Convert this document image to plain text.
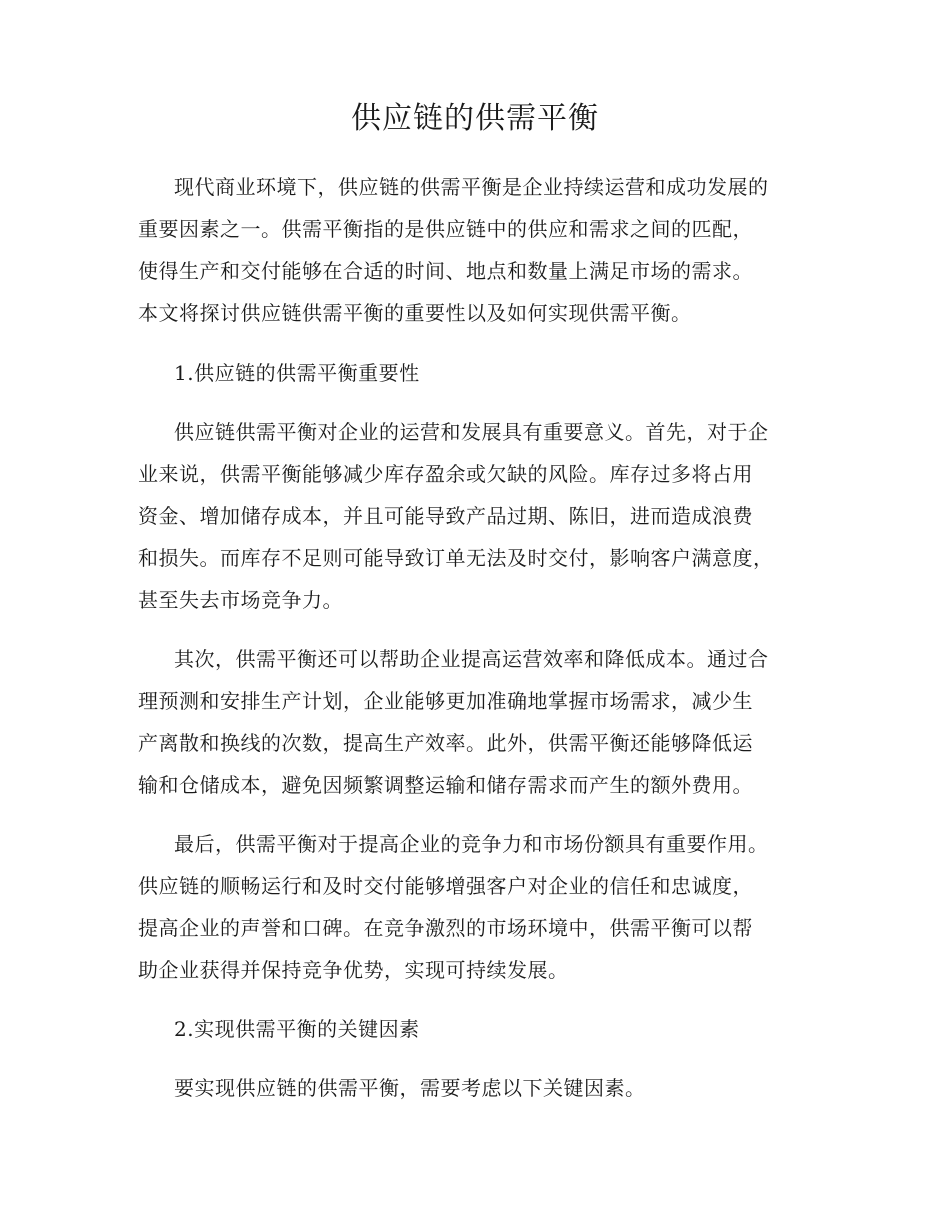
供应链的供需平衡
现代商业环境下，供应链的供需平衡是企业持续运营和成功发展的
重要因素之一。供需平衡指的是供应链中的供应和需求之间的匹配，
使得生产和交付能够在合适的时间、地点和数量上满足市场的需求。
本文将探讨供应链供需平衡的重要性以及如何实现供需平衡。
1.供应链的供需平衡重要性
供应链供需平衡对企业的运营和发展具有重要意义。首先，对于企
业来说，供需平衡能够减少库存盈余或欠缺的风险。库存过多将占用
资金、增加储存成本，并且可能导致产品过期、陈旧，进而造成浪费
和损失。而库存不足则可能导致订单无法及时交付，影响客户满意度，
甚至失去市场竞争力。
其次，供需平衡还可以帮助企业提高运营效率和降低成本。通过合
理预测和安排生产计划，企业能够更加准确地掌握市场需求，减少生
产离散和换线的次数，提高生产效率。此外，供需平衡还能够降低运
输和仓储成本，避免因频繁调整运输和储存需求而产生的额外费用。
最后，供需平衡对于提高企业的竞争力和市场份额具有重要作用。
供应链的顺畅运行和及时交付能够增强客户对企业的信任和忠诚度，
提高企业的声誉和口碑。在竞争激烈的市场环境中，供需平衡可以帮
助企业获得并保持竞争优势，实现可持续发展。
2.实现供需平衡的关键因素
要实现供应链的供需平衡，需要考虑以下关键因素。
